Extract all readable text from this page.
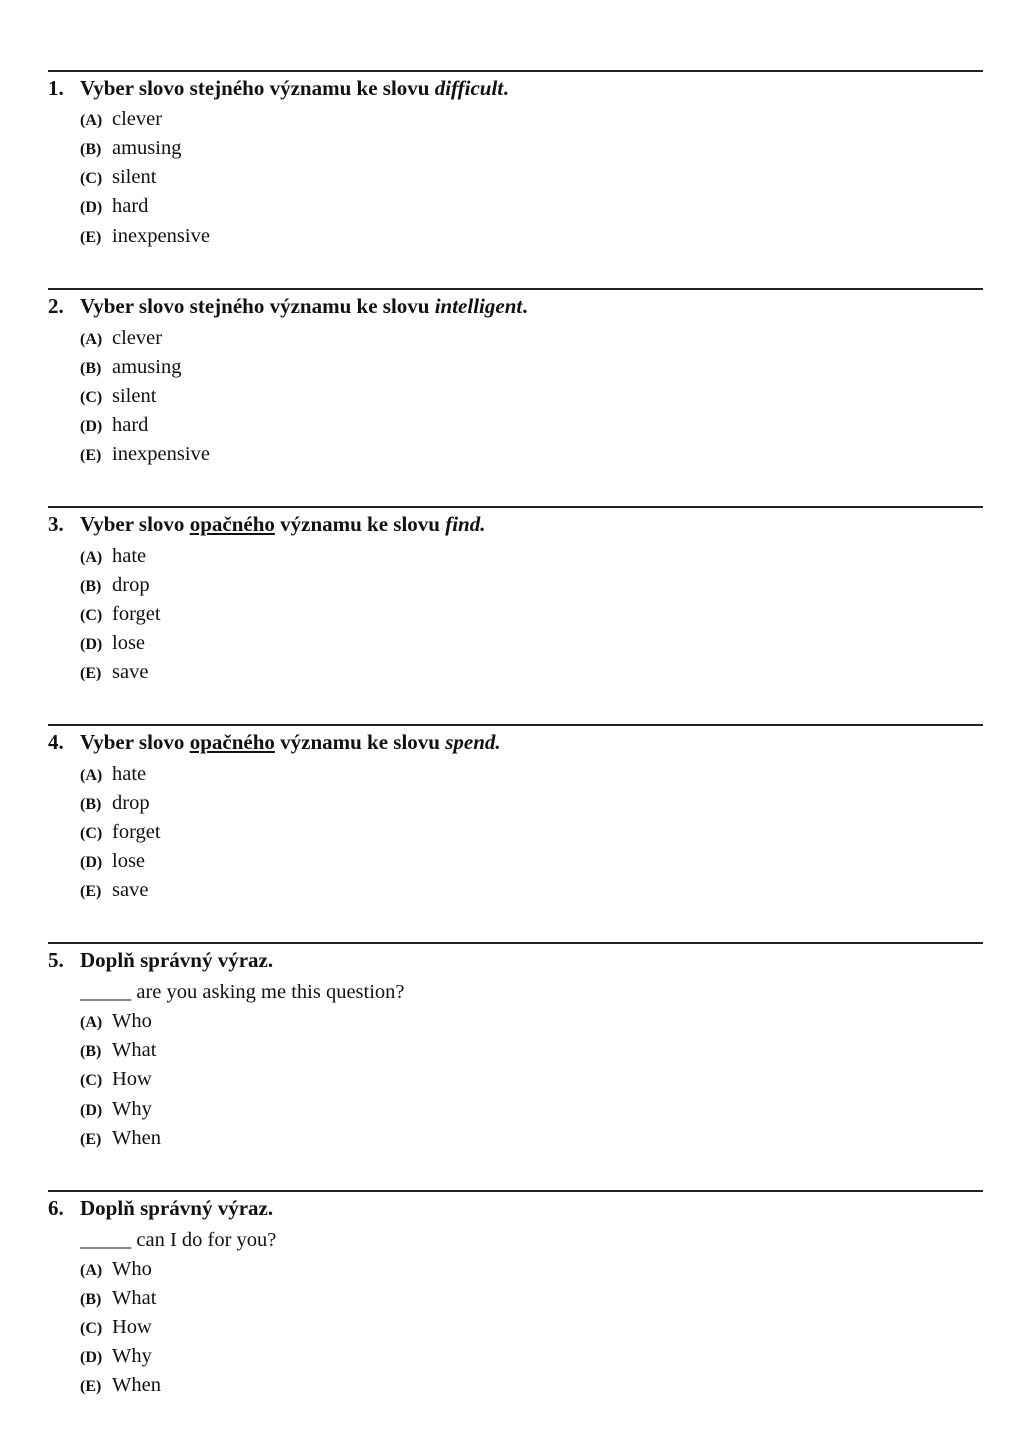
1. Vyber slovo stejného významu ke slovu difficult.
(A) clever
(B) amusing
(C) silent
(D) hard
(E) inexpensive
2. Vyber slovo stejného významu ke slovu intelligent.
(A) clever
(B) amusing
(C) silent
(D) hard
(E) inexpensive
3. Vyber slovo opačného významu ke slovu find.
(A) hate
(B) drop
(C) forget
(D) lose
(E) save
4. Vyber slovo opačného významu ke slovu spend.
(A) hate
(B) drop
(C) forget
(D) lose
(E) save
5. Doplň správný výraz.
_____ are you asking me this question?
(A) Who
(B) What
(C) How
(D) Why
(E) When
6. Doplň správný výraz.
_____ can I do for you?
(A) Who
(B) What
(C) How
(D) Why
(E) When
